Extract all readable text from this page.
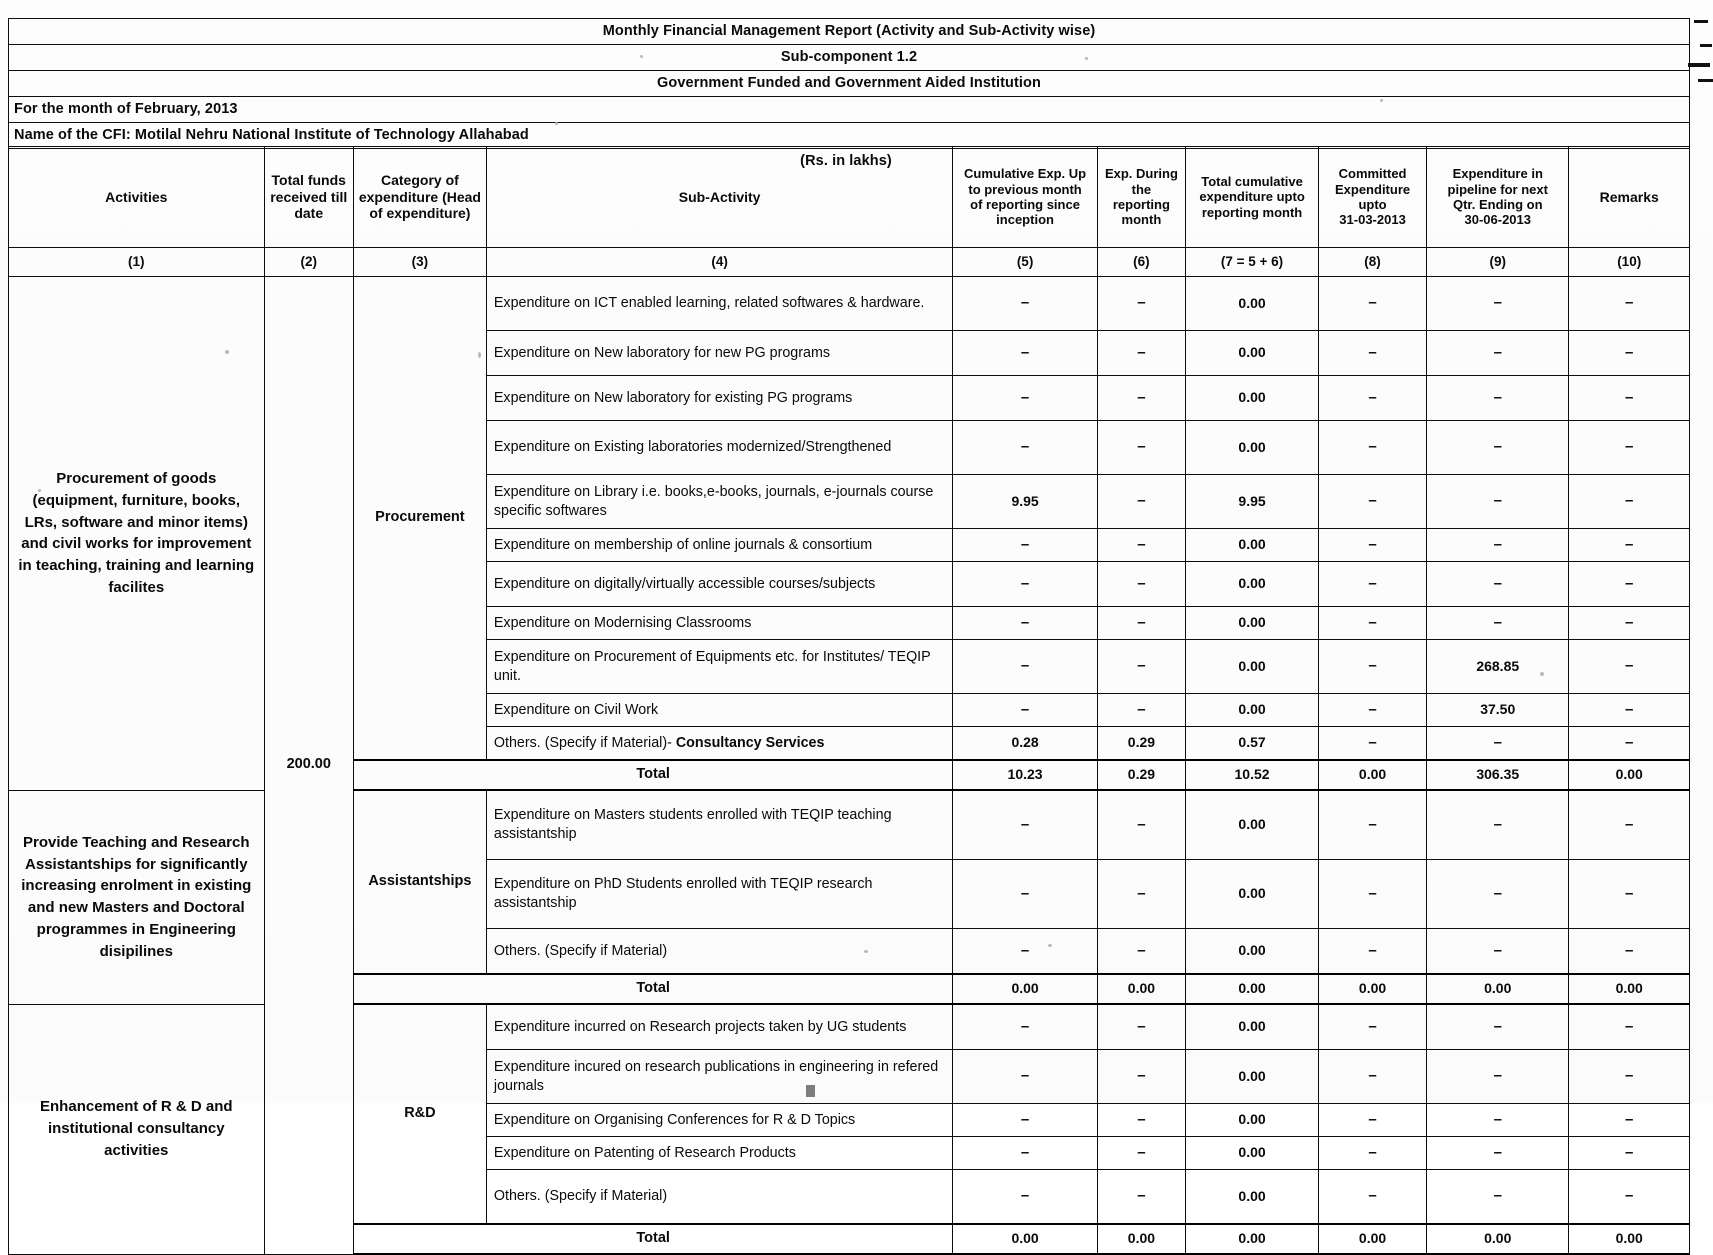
Monthly Financial Management Report (Activity and Sub-Activity wise)
Sub-component 1.2
Government Funded and Government Aided Institution
For the month of February, 2013
Name of the CFI: Motilal Nehru National Institute of Technology Allahabad
(Rs. in lakhs)
Activities

Total funds
received till
date

Category of
expenditure (Head
of expenditure)

Sub-Activity

Cumulative Exp. Up
to previous month
of reporting since
inception

Exp. During
the
reporting
month

Total cumulative
expenditure upto
reporting month

Committed
Expenditure
upto
31-03-2013

Expenditure in
pipeline for next
Qtr. Ending on
30-06-2013

Remarks

(1)	(2)	(3)	(4)	(5)	(6)	(7 = 5 + 6)	(8)	(9)	(10)

Procurement of goods
(equipment, furniture, books,
LRs, software and minor items)
and civil works for improvement
in teaching, training and learning
facilites
	200.00	Procurement	Expenditure on ICT enabled learning, related softwares & hardware.	–	–	0.00	–	–	–
			Expenditure on New laboratory for new PG programs	–	–	0.00	–	–	–
			Expenditure on New laboratory for existing PG programs	–	–	0.00	–	–	–
			Expenditure on Existing laboratories modernized/Strengthened	–	–	0.00	–	–	–
			Expenditure on Library i.e. books,e-books, journals, e-journals course specific softwares	9.95	–	9.95	–	–	–
			Expenditure on membership of online journals & consortium	–	–	0.00	–	–	–
			Expenditure on digitally/virtually accessible courses/subjects	–	–	0.00	–	–	–
			Expenditure on Modernising Classrooms	–	–	0.00	–	–	–
			Expenditure on Procurement of Equipments etc. for Institutes/ TEQIP unit.	–	–	0.00	–	268.85	–
			Expenditure on Civil Work	–	–	0.00	–	37.50	–
			Others. (Specify if Material)- Consultancy Services	0.28	0.29	0.57	–	–	–
		Total		10.23	0.29	10.52	0.00	306.35	0.00

Provide Teaching and Research
Assistantships for significantly
increasing enrolment in existing
and new Masters and Doctoral
programmes in Engineering
disipilines
	Assistantships	Expenditure on Masters students enrolled with TEQIP teaching assistantship	–	–	0.00	–	–	–
			Expenditure on PhD Students enrolled with TEQIP research assistantship	–	–	0.00	–	–	–
			Others. (Specify if Material)	–	–	0.00	–	–	–
		Total		0.00	0.00	0.00	0.00	0.00	0.00

Enhancement of R & D and
institutional consultancy
activities		R&D	Expenditure incurred on Research projects taken by UG students	–	–	0.00	–	–	–
			Expenditure incured on research publications in engineering in refered journals	–	–	0.00	–	–	–
			Expenditure on Organising Conferences for R & D Topics	–	–	0.00	–	–	–
			Expenditure on Patenting of Research Products	–	–	0.00	–	–	–
			Others. (Specify if Material)	–	–	0.00	–	–	–
		Total		0.00	0.00	0.00	0.00	0.00	0.00
